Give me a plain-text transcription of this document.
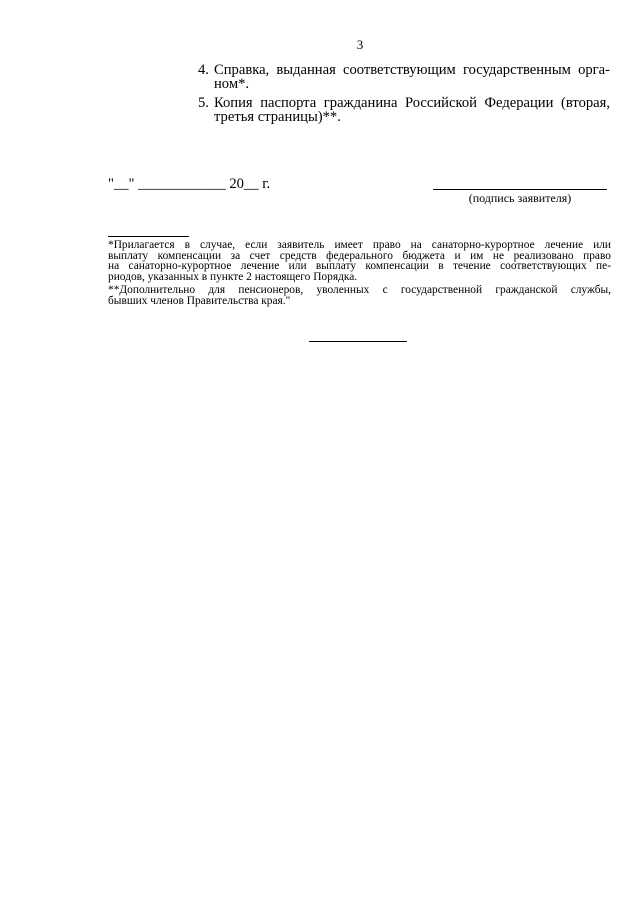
3
4. Справка, выданная соответствующим государственным орга-
ном*.
5. Копия паспорта гражданина Российской Федерации (вторая,
третья страницы)**.
"__" ____________ 20__ г.
(подпись заявителя)
*Прилагается в случае, если заявитель имеет право на санаторно-курортное лечение или
выплату компенсации за счет средств федерального бюджета и им не реализовано право
на санаторно-курортное лечение или выплату компенсации в течение соответствующих пе-
риодов, указанных в пункте 2 настоящего Порядка.
**Дополнительно для пенсионеров, уволенных с государственной гражданской службы,
бывших членов Правительства края."
